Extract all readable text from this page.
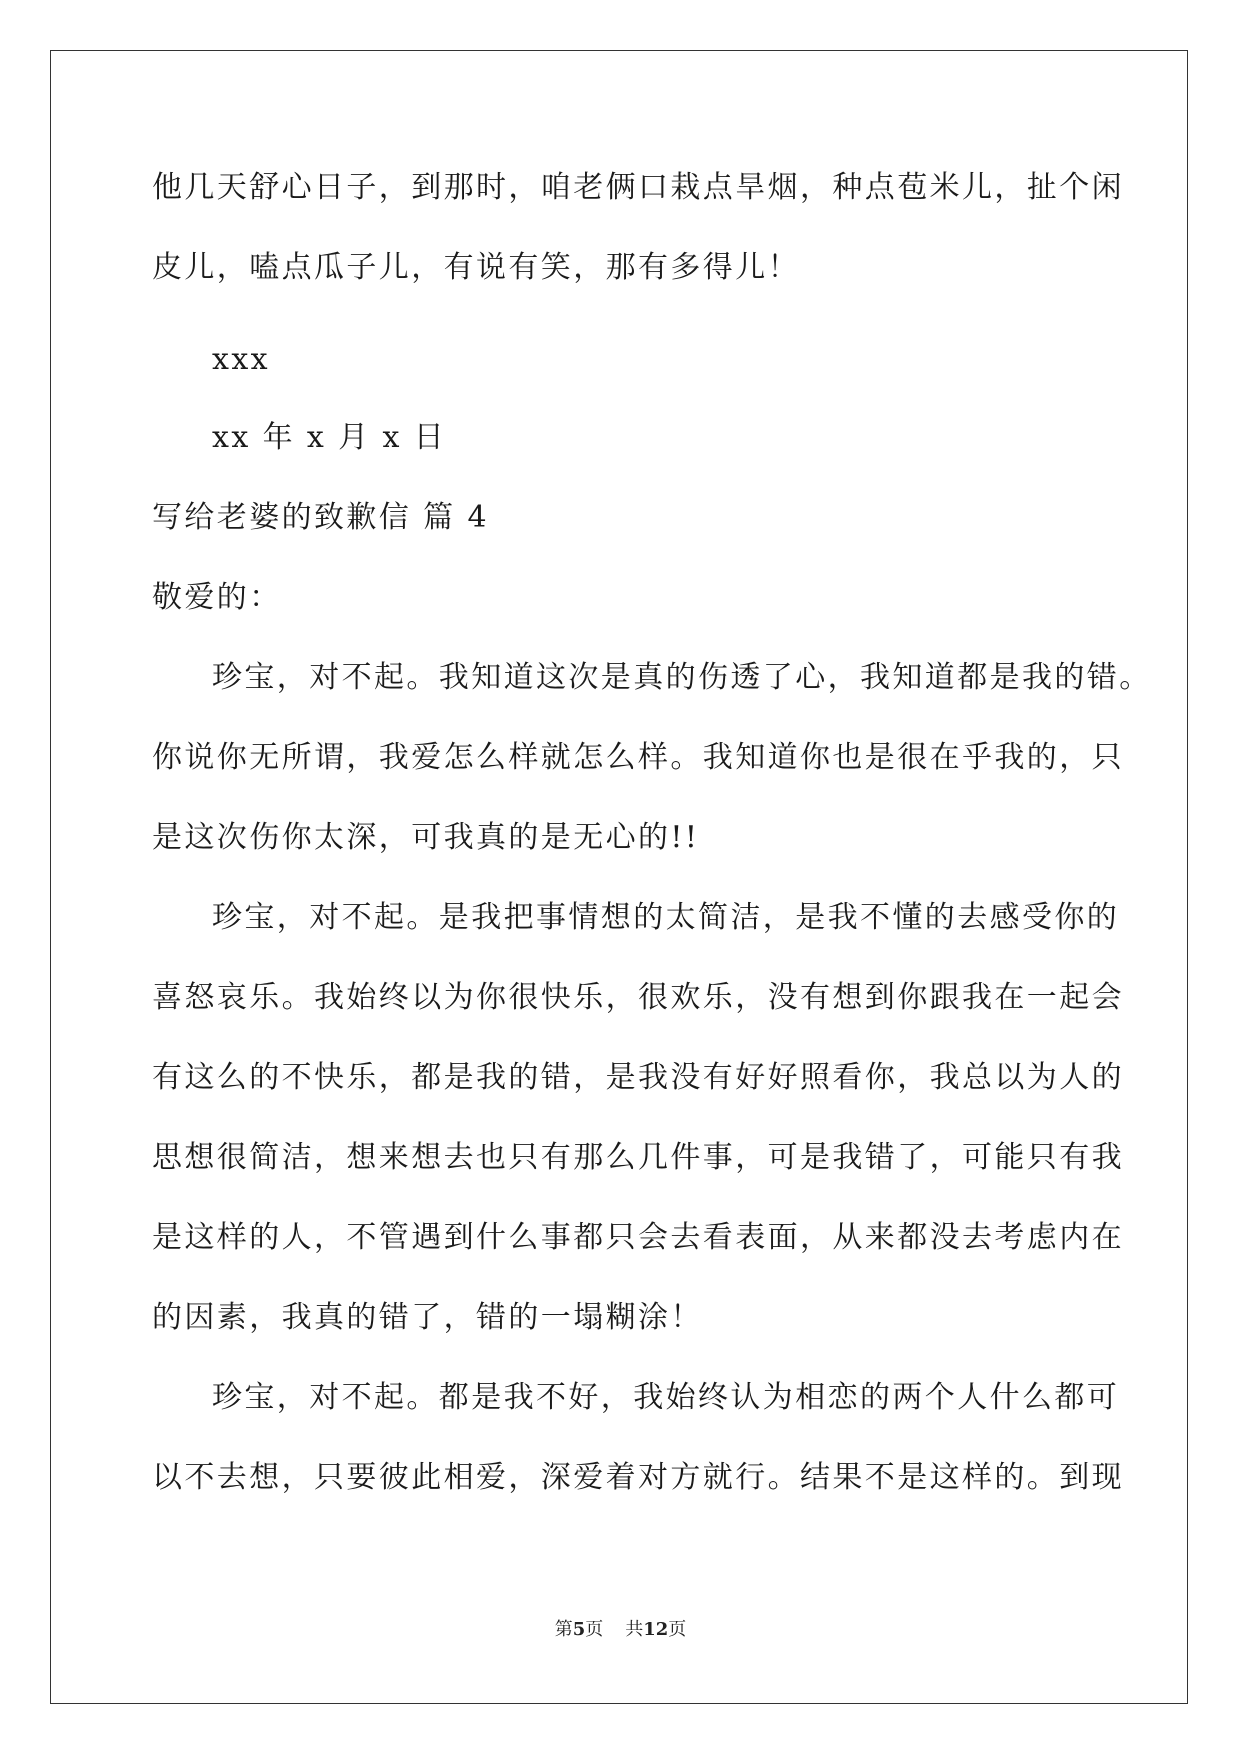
他几天舒心日子，到那时，咱老俩口栽点旱烟，种点苞米儿，扯个闲

皮儿，嗑点瓜子儿，有说有笑，那有多得儿！

xxx

xx 年 x 月 x 日

写给老婆的致歉信 篇 4

敬爱的：

珍宝，对不起。我知道这次是真的伤透了心，我知道都是我的错。

你说你无所谓，我爱怎么样就怎么样。我知道你也是很在乎我的，只

是这次伤你太深，可我真的是无心的!!

珍宝，对不起。是我把事情想的太简洁，是我不懂的去感受你的

喜怒哀乐。我始终以为你很快乐，很欢乐，没有想到你跟我在一起会

有这么的不快乐，都是我的错，是我没有好好照看你，我总以为人的

思想很简洁，想来想去也只有那么几件事，可是我错了，可能只有我

是这样的人，不管遇到什么事都只会去看表面，从来都没去考虑内在

的因素，我真的错了，错的一塌糊涂！

珍宝，对不起。都是我不好，我始终认为相恋的两个人什么都可

以不去想，只要彼此相爱，深爱着对方就行。结果不是这样的。到现

第5页 共12页
